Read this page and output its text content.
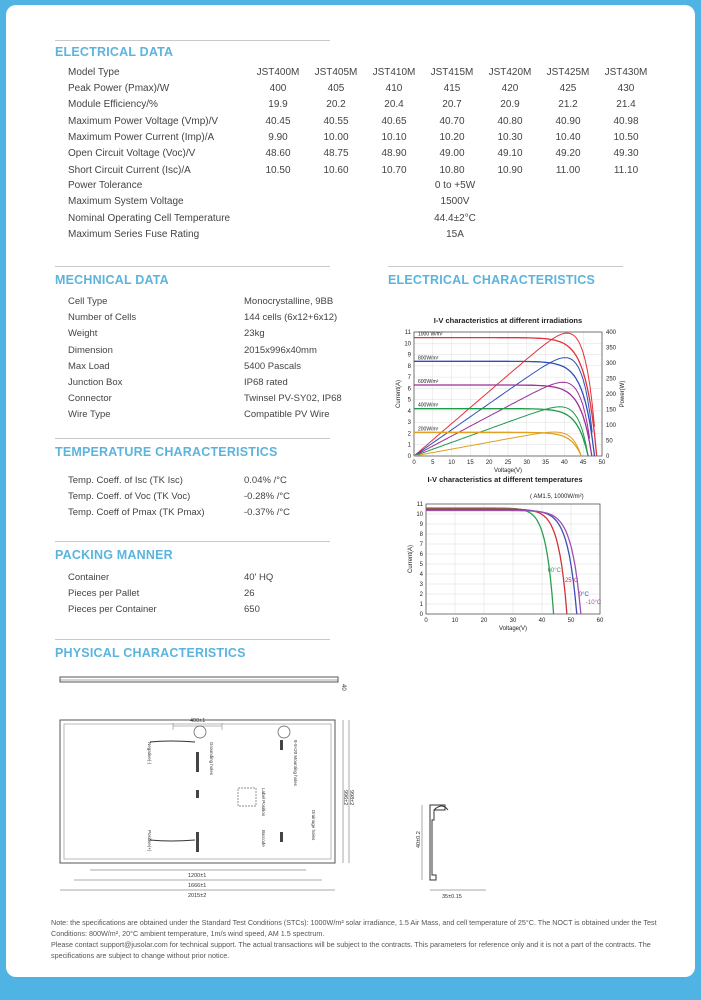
ELECTRICAL DATA
Model Type	JST400M	JST405M	JST410M	JST415M	JST420M	JST425M	JST430M
Peak Power (Pmax)/W	400	405	410	415	420	425	430
Module Efficiency/%	19.9	20.2	20.4	20.7	20.9	21.2	21.4
Maximum Power Voltage (Vmp)/V	40.45	40.55	40.65	40.70	40.80	40.90	40.98
Maximum Power Current (Imp)/A	9.90	10.00	10.10	10.20	10.30	10.40	10.50
Open Circuit Voltage (Voc)/V	48.60	48.75	48.90	49.00	49.10	49.20	49.30
Short Circuit Current (Isc)/A	10.50	10.60	10.70	10.80	10.90	11.00	11.10
Power Tolerance	0 to +5W
Maximum System Voltage	1500V
Nominal Operating Cell Temperature	44.4±2°C
Maximum Series Fuse Rating	15A
MECHNICAL DATA
Cell Type	Monocrystalline, 9BB
Number of Cells	144 cells (6x12+6x12)
Weight	23kg
Dimension	2015x996x40mm
Max Load	5400 Pascals
Junction Box	IP68 rated
Connector	Twinsel PV-SY02, IP68
Wire Type	Compatible PV Wire
ELECTRICAL CHARACTERISTICS
TEMPERATURE CHARACTERISTICS
Temp. Coeff. of Isc (TK Isc)	0.04% /°C
Temp. Coeff. of Voc (TK Voc)	-0.28% /°C
Temp. Coeff of Pmax (TK Pmax)	-0.37% /°C
PACKING MANNER
Container	40' HQ
Pieces per Pallet	26
Pieces per Container	650
PHYSICAL CHARACTERISTICS
I-V characteristics at different irradiations
0	5 10 15 20 25 30 35 40 45 50
0
1
2
3
4
5
6
7
8
9
10
11
0
50
100
150
200
250
300
350
400
Power(W)
Voltage(V)
Current(A)
1000 W/m²
800W/m²
600W/m²
400W/m²
200W/m²
I-V characteristics at different temperatures
( AM1.5, 1000W/m²)
0	10	20	30	40	50	60
0
1
2
3
4
5
6
7
8
9
10
11
Voltage(V)
Current(A)	60°C
25°C
0°C
-10°C
40
400±1
Negative(-)	Grounding holes	8-9×20 Mounting holes
Label Position
Drainage holes
Positive(+)	Barcode
998±2
996±2
1200±1
1666±1
2015±2
40±0.2
35±0.15
Note: the specifications are obtained under the Standard Test Conditions (STCs): 1000W/m² solar irradiance, 1.5 Air Mass, and cell temperature of 25°C. The NOCT is obtained under the Test Conditions: 800W/m², 20°C ambient temperature, 1m/s wind speed, AM 1.5 spectrum.
Please contact support@jusolar.com for technical support. The actual transactions will be subject to the contracts. This parameters for reference only and it is not a part of the contracts. The specifications are subject to change without prior notice.
